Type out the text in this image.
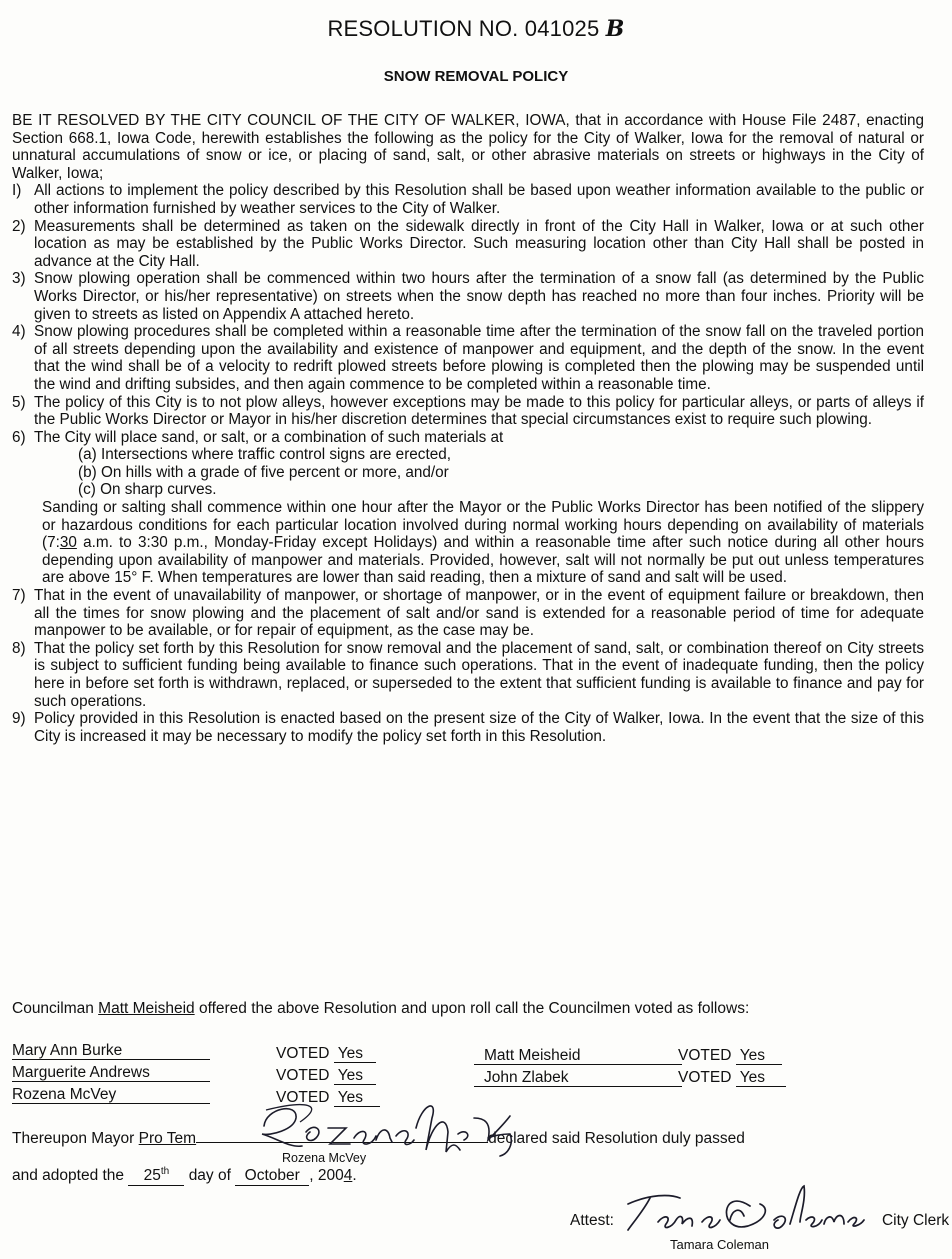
RESOLUTION NO. 041025 B
SNOW REMOVAL POLICY

BE IT RESOLVED BY THE CITY COUNCIL OF THE CITY OF WALKER, IOWA, that in accordance with House File 2487, enacting Section 668.1, Iowa Code, herewith establishes the following as the policy for the City of Walker, Iowa for the removal of natural or unnatural accumulations of snow or ice, or placing of sand, salt, or other abrasive materials on streets or highways in the City of Walker, Iowa;

I) All actions to implement the policy described by this Resolution shall be based upon weather information available to the public or other information furnished by weather services to the City of Walker.
2) Measurements shall be determined as taken on the sidewalk directly in front of the City Hall in Walker, Iowa or at such other location as may be established by the Public Works Director. Such measuring location other than City Hall shall be posted in advance at the City Hall.
3) Snow plowing operation shall be commenced within two hours after the termination of a snow fall (as determined by the Public Works Director, or his/her representative) on streets when the snow depth has reached no more than four inches. Priority will be given to streets as listed on Appendix A attached hereto.
4) Snow plowing procedures shall be completed within a reasonable time after the termination of the snow fall on the traveled portion of all streets depending upon the availability and existence of manpower and equipment, and the depth of the snow. In the event that the wind shall be of a velocity to redrift plowed streets before plowing is completed then the plowing may be suspended until the wind and drifting subsides, and then again commence to be completed within a reasonable time.
5) The policy of this City is to not plow alleys, however exceptions may be made to this policy for particular alleys, or parts of alleys if the Public Works Director or Mayor in his/her discretion determines that special circumstances exist to require such plowing.
6) The City will place sand, or salt, or a combination of such materials at
(a) Intersections where traffic control signs are erected,
(b) On hills with a grade of five percent or more, and/or
(c) On sharp curves.
Sanding or salting shall commence within one hour after the Mayor or the Public Works Director has been notified of the slippery or hazardous conditions for each particular location involved during normal working hours depending on availability of materials (7:30 a.m. to 3:30 p.m., Monday-Friday except Holidays) and within a reasonable time after such notice during all other hours depending upon availability of manpower and materials. Provided, however, salt will not normally be put out unless temperatures are above 15° F. When temperatures are lower than said reading, then a mixture of sand and salt will be used.
7) That in the event of unavailability of manpower, or shortage of manpower, or in the event of equipment failure or breakdown, then all the times for snow plowing and the placement of salt and/or sand is extended for a reasonable period of time for adequate manpower to be available, or for repair of equipment, as the case may be.
8) That the policy set forth by this Resolution for snow removal and the placement of sand, salt, or combination thereof on City streets is subject to sufficient funding being available to finance such operations. That in the event of inadequate funding, then the policy here in before set forth is withdrawn, replaced, or superseded to the extent that sufficient funding is available to finance and pay for such operations.
9) Policy provided in this Resolution is enacted based on the present size of the City of Walker, Iowa. In the event that the size of this City is increased it may be necessary to modify the policy set forth in this Resolution.
Councilman Matt Meisheid offered the above Resolution and upon roll call the Councilmen voted as follows:
Mary Ann Burke	VOTED Yes
Marguerite Andrews	VOTED Yes
Rozena McVey	VOTED Yes
Matt Meisheid	VOTED Yes
John Zlabek	VOTED Yes
Thereupon Mayor Pro Tem	declared said Resolution duly passed
Rozena McVey
and adopted the 25th day of October , 2004.
Attest:	City Clerk
Tamara Coleman
